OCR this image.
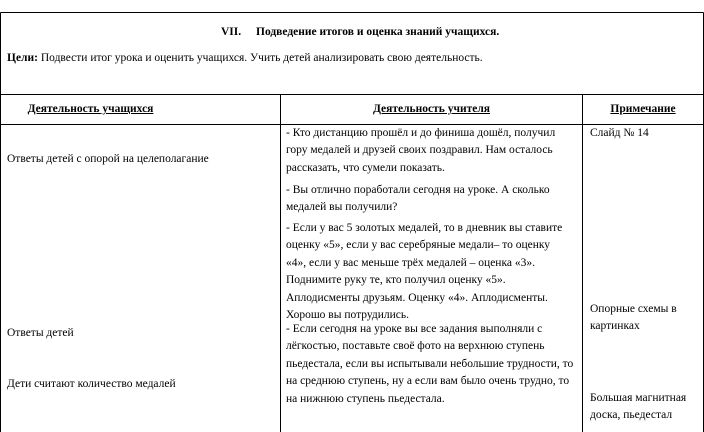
VII. Подведение итогов и оценка знаний учащихся.
Цели: Подвести итог урока и оценить учащихся. Учить детей анализировать свою деятельность.
Деятельность учащихся	Деятельность учителя	Примечание
Ответы детей с опорой на целеполагание
Ответы детей
Дети считают количество медалей
- Кто дистанцию прошёл и до финиша дошёл, получил
гору медалей и друзей своих поздравил. Нам осталось
рассказать, что сумели показать.
- Вы отлично поработали сегодня на уроке. А сколько
медалей вы получили?
- Если у вас 5 золотых медалей, то в дневник вы ставите
оценку «5», если у вас серебряные медали– то оценку
«4», если у вас меньше трёх медалей – оценка «3».
Поднимите руку те, кто получил оценку «5».
Аплодисменты друзьям. Оценку «4». Аплодисменты.
Хорошо вы потрудились.
- Если сегодня на уроке вы все задания выполняли с
лёгкостью, поставьте своё фото на верхнюю ступень
пьедестала, если вы испытывали небольшие трудности, то
на среднюю ступень, ну а если вам было очень трудно, то
на нижнюю ступень пьедестала.
Слайд № 14
Опорные схемы в
картинках
Большая магнитная
доска, пьедестал
